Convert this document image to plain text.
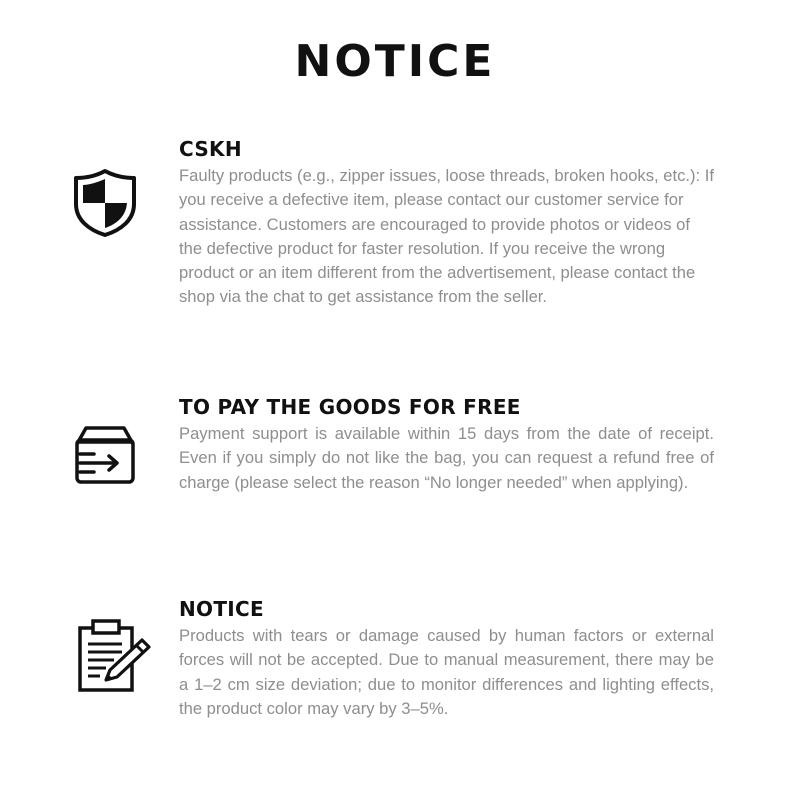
NOTICE
CSKH

Faulty products (e.g., zipper issues, loose threads, broken hooks, etc.): If you receive a defective item, please contact our customer service for assistance. Customers are encouraged to provide photos or videos of the defective product for faster resolution. If you receive the wrong product or an item different from the advertisement, please contact the shop via the chat to get assistance from the seller.

TO PAY THE GOODS FOR FREE

Payment support is available within 15 days from the date of receipt. Even if you simply do not like the bag, you can request a refund free of charge (please select the reason “No longer needed” when applying).

NOTICE

Products with tears or damage caused by human factors or external forces will not be accepted. Due to manual measurement, there may be a 1–2 cm size deviation; due to monitor differences and lighting effects, the product color may vary by 3–5%.
